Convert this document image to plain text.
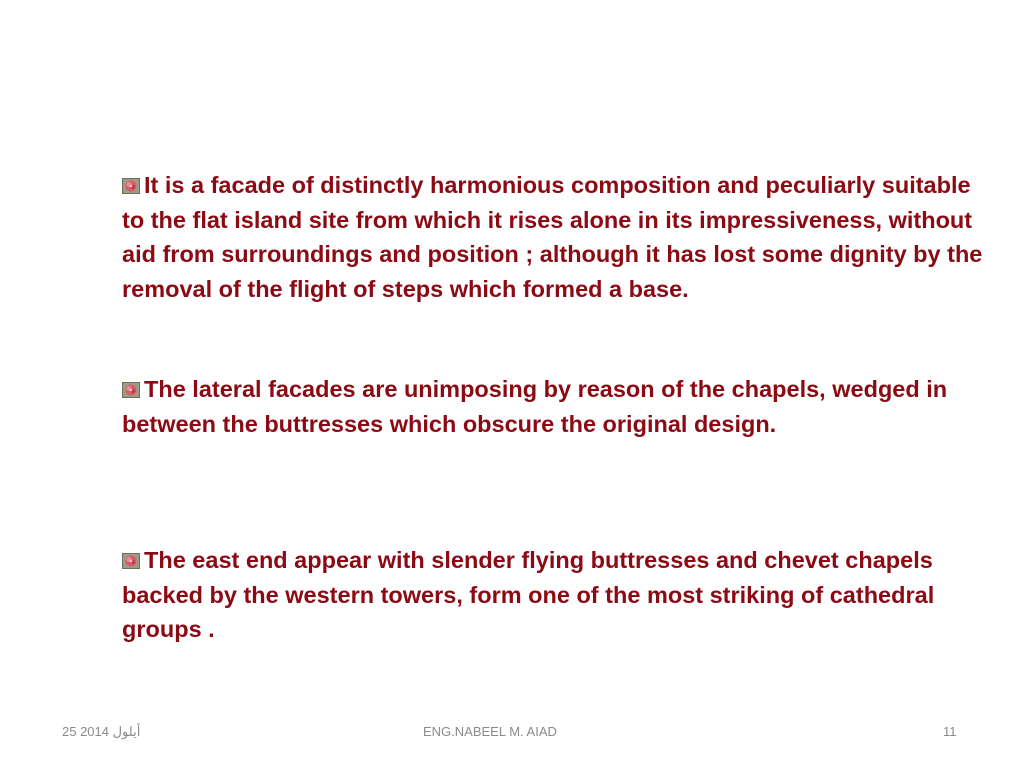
It is a facade of distinctly harmonious composition and peculiarly suitable to the flat island site from which it rises alone in its impressiveness, without aid from surroundings and position ; although it has lost some dignity by the removal of the flight of steps which formed a base.
The lateral facades are unimposing by reason of the chapels, wedged in between the buttresses which obscure the original design.
The east end appear with slender flying buttresses and chevet chapels backed by the western towers, form one of the most striking of cathedral groups .
25 أيلول 2014	ENG.NABEEL M. AIAD	11
